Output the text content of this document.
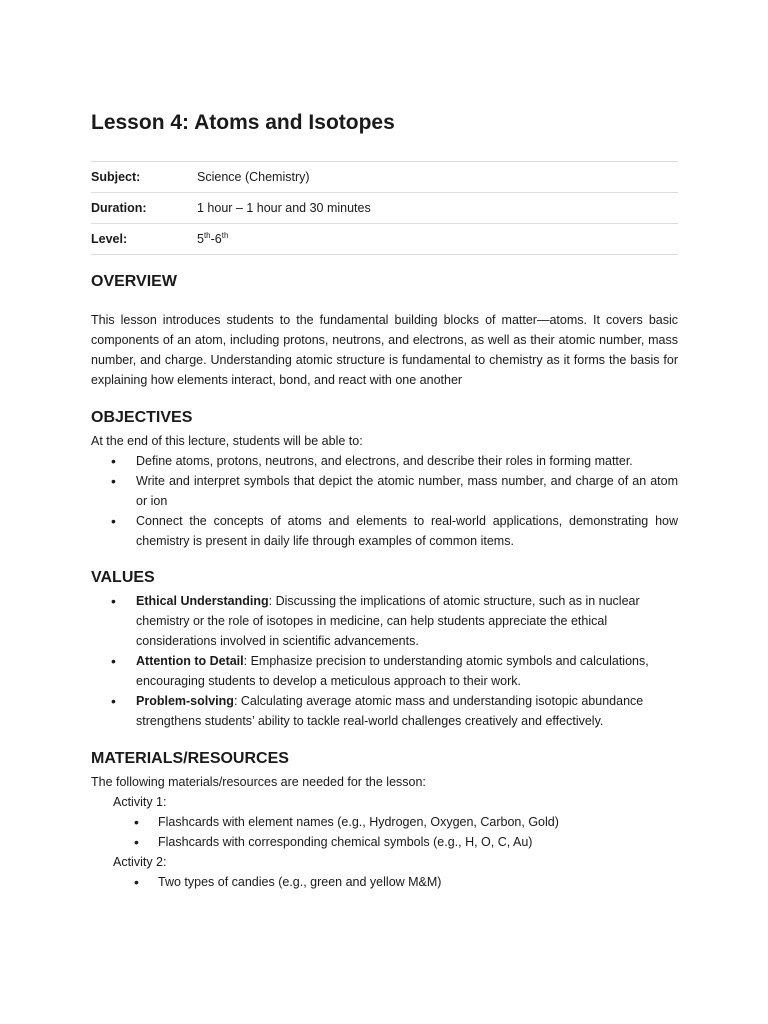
Lesson 4: Atoms and Isotopes
Subject:	Science (Chemistry)
Duration:	1 hour – 1 hour and 30 minutes
Level:	5th-6th
OVERVIEW

This lesson introduces students to the fundamental building blocks of matter—atoms. It covers basic components of an atom, including protons, neutrons, and electrons, as well as their atomic number, mass number, and charge. Understanding atomic structure is fundamental to chemistry as it forms the basis for explaining how elements interact, bond, and react with one another

OBJECTIVES
At the end of this lecture, students will be able to:
• Define atoms, protons, neutrons, and electrons, and describe their roles in forming matter.
• Write and interpret symbols that depict the atomic number, mass number, and charge of an atom or ion
• Connect the concepts of atoms and elements to real-world applications, demonstrating how chemistry is present in daily life through examples of common items.
VALUES
• Ethical Understanding: Discussing the implications of atomic structure, such as in nuclear chemistry or the role of isotopes in medicine, can help students appreciate the ethical considerations involved in scientific advancements.
• Attention to Detail: Emphasize precision to understanding atomic symbols and calculations, encouraging students to develop a meticulous approach to their work.
• Problem-solving: Calculating average atomic mass and understanding isotopic abundance strengthens students’ ability to tackle real-world challenges creatively and effectively.
MATERIALS/RESOURCES
The following materials/resources are needed for the lesson:
Activity 1:
• Flashcards with element names (e.g., Hydrogen, Oxygen, Carbon, Gold)
• Flashcards with corresponding chemical symbols (e.g., H, O, C, Au)
Activity 2:
• Two types of candies (e.g., green and yellow M&M)
